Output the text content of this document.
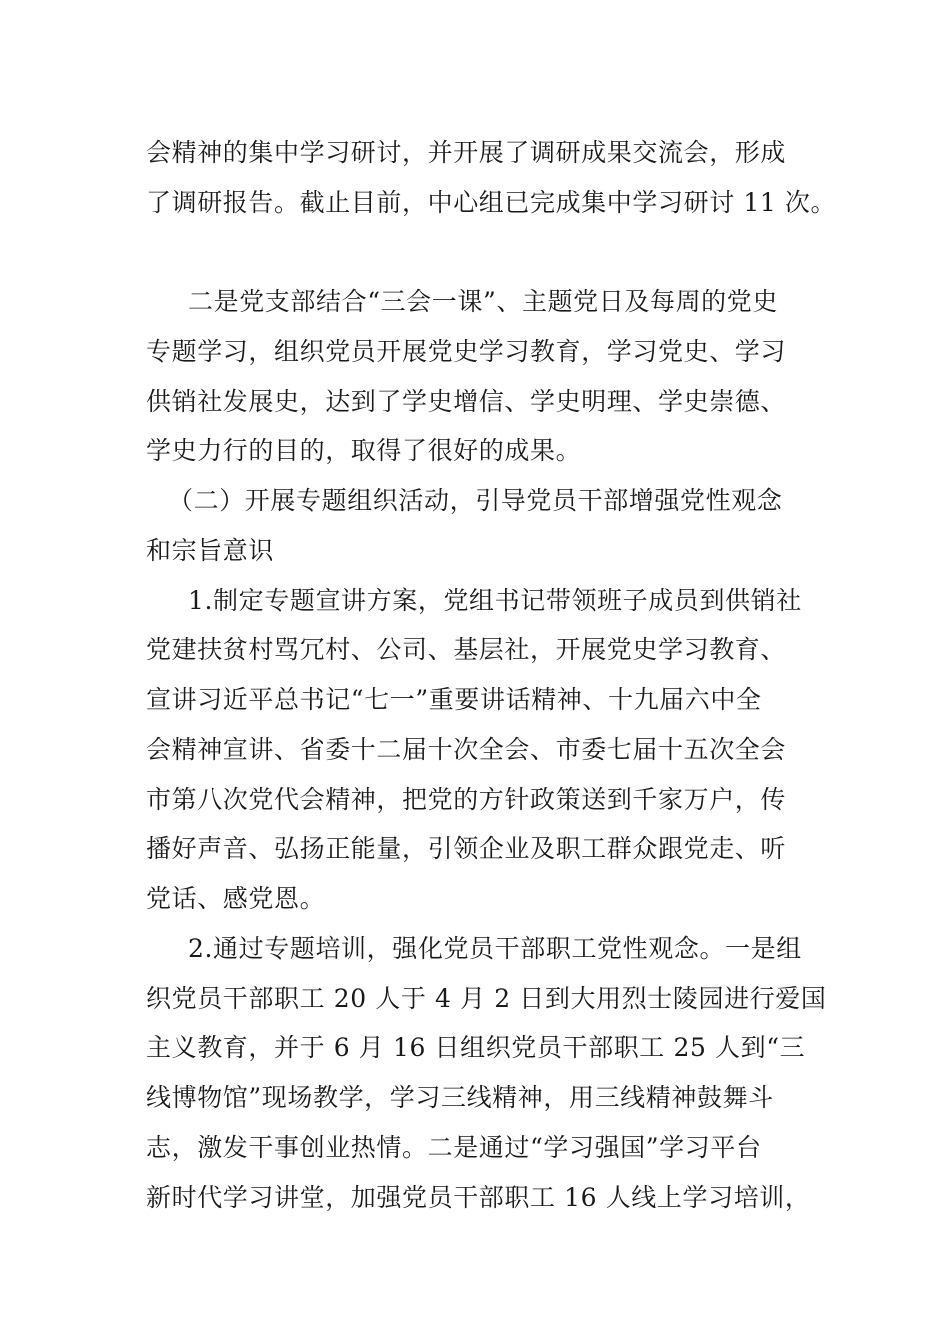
会精神的集中学习研讨，并开展了调研成果交流会，形成
了调研报告。截止目前，中心组已完成集中学习研讨 11 次。
二是党支部结合“三会一课”、主题党日及每周的党史
专题学习，组织党员开展党史学习教育，学习党史、学习
供销社发展史，达到了学史增信、学史明理、学史崇德、
学史力行的目的，取得了很好的成果。
（二）开展专题组织活动，引导党员干部增强党性观念
和宗旨意识
1.制定专题宣讲方案，党组书记带领班子成员到供销社
党建扶贫村骂冗村、公司、基层社，开展党史学习教育、
宣讲习近平总书记“七一”重要讲话精神、十九届六中全
会精神宣讲、省委十二届十次全会、市委七届十五次全会
市第八次党代会精神，把党的方针政策送到千家万户，传
播好声音、弘扬正能量，引领企业及职工群众跟党走、听
党话、感党恩。
2.通过专题培训，强化党员干部职工党性观念。一是组
织党员干部职工 20 人于 4 月 2 日到大用烈士陵园进行爱国
主义教育，并于 6 月 16 日组织党员干部职工 25 人到“三
线博物馆”现场教学，学习三线精神，用三线精神鼓舞斗
志，激发干事创业热情。二是通过“学习强国”学习平台
新时代学习讲堂，加强党员干部职工 16 人线上学习培训，
